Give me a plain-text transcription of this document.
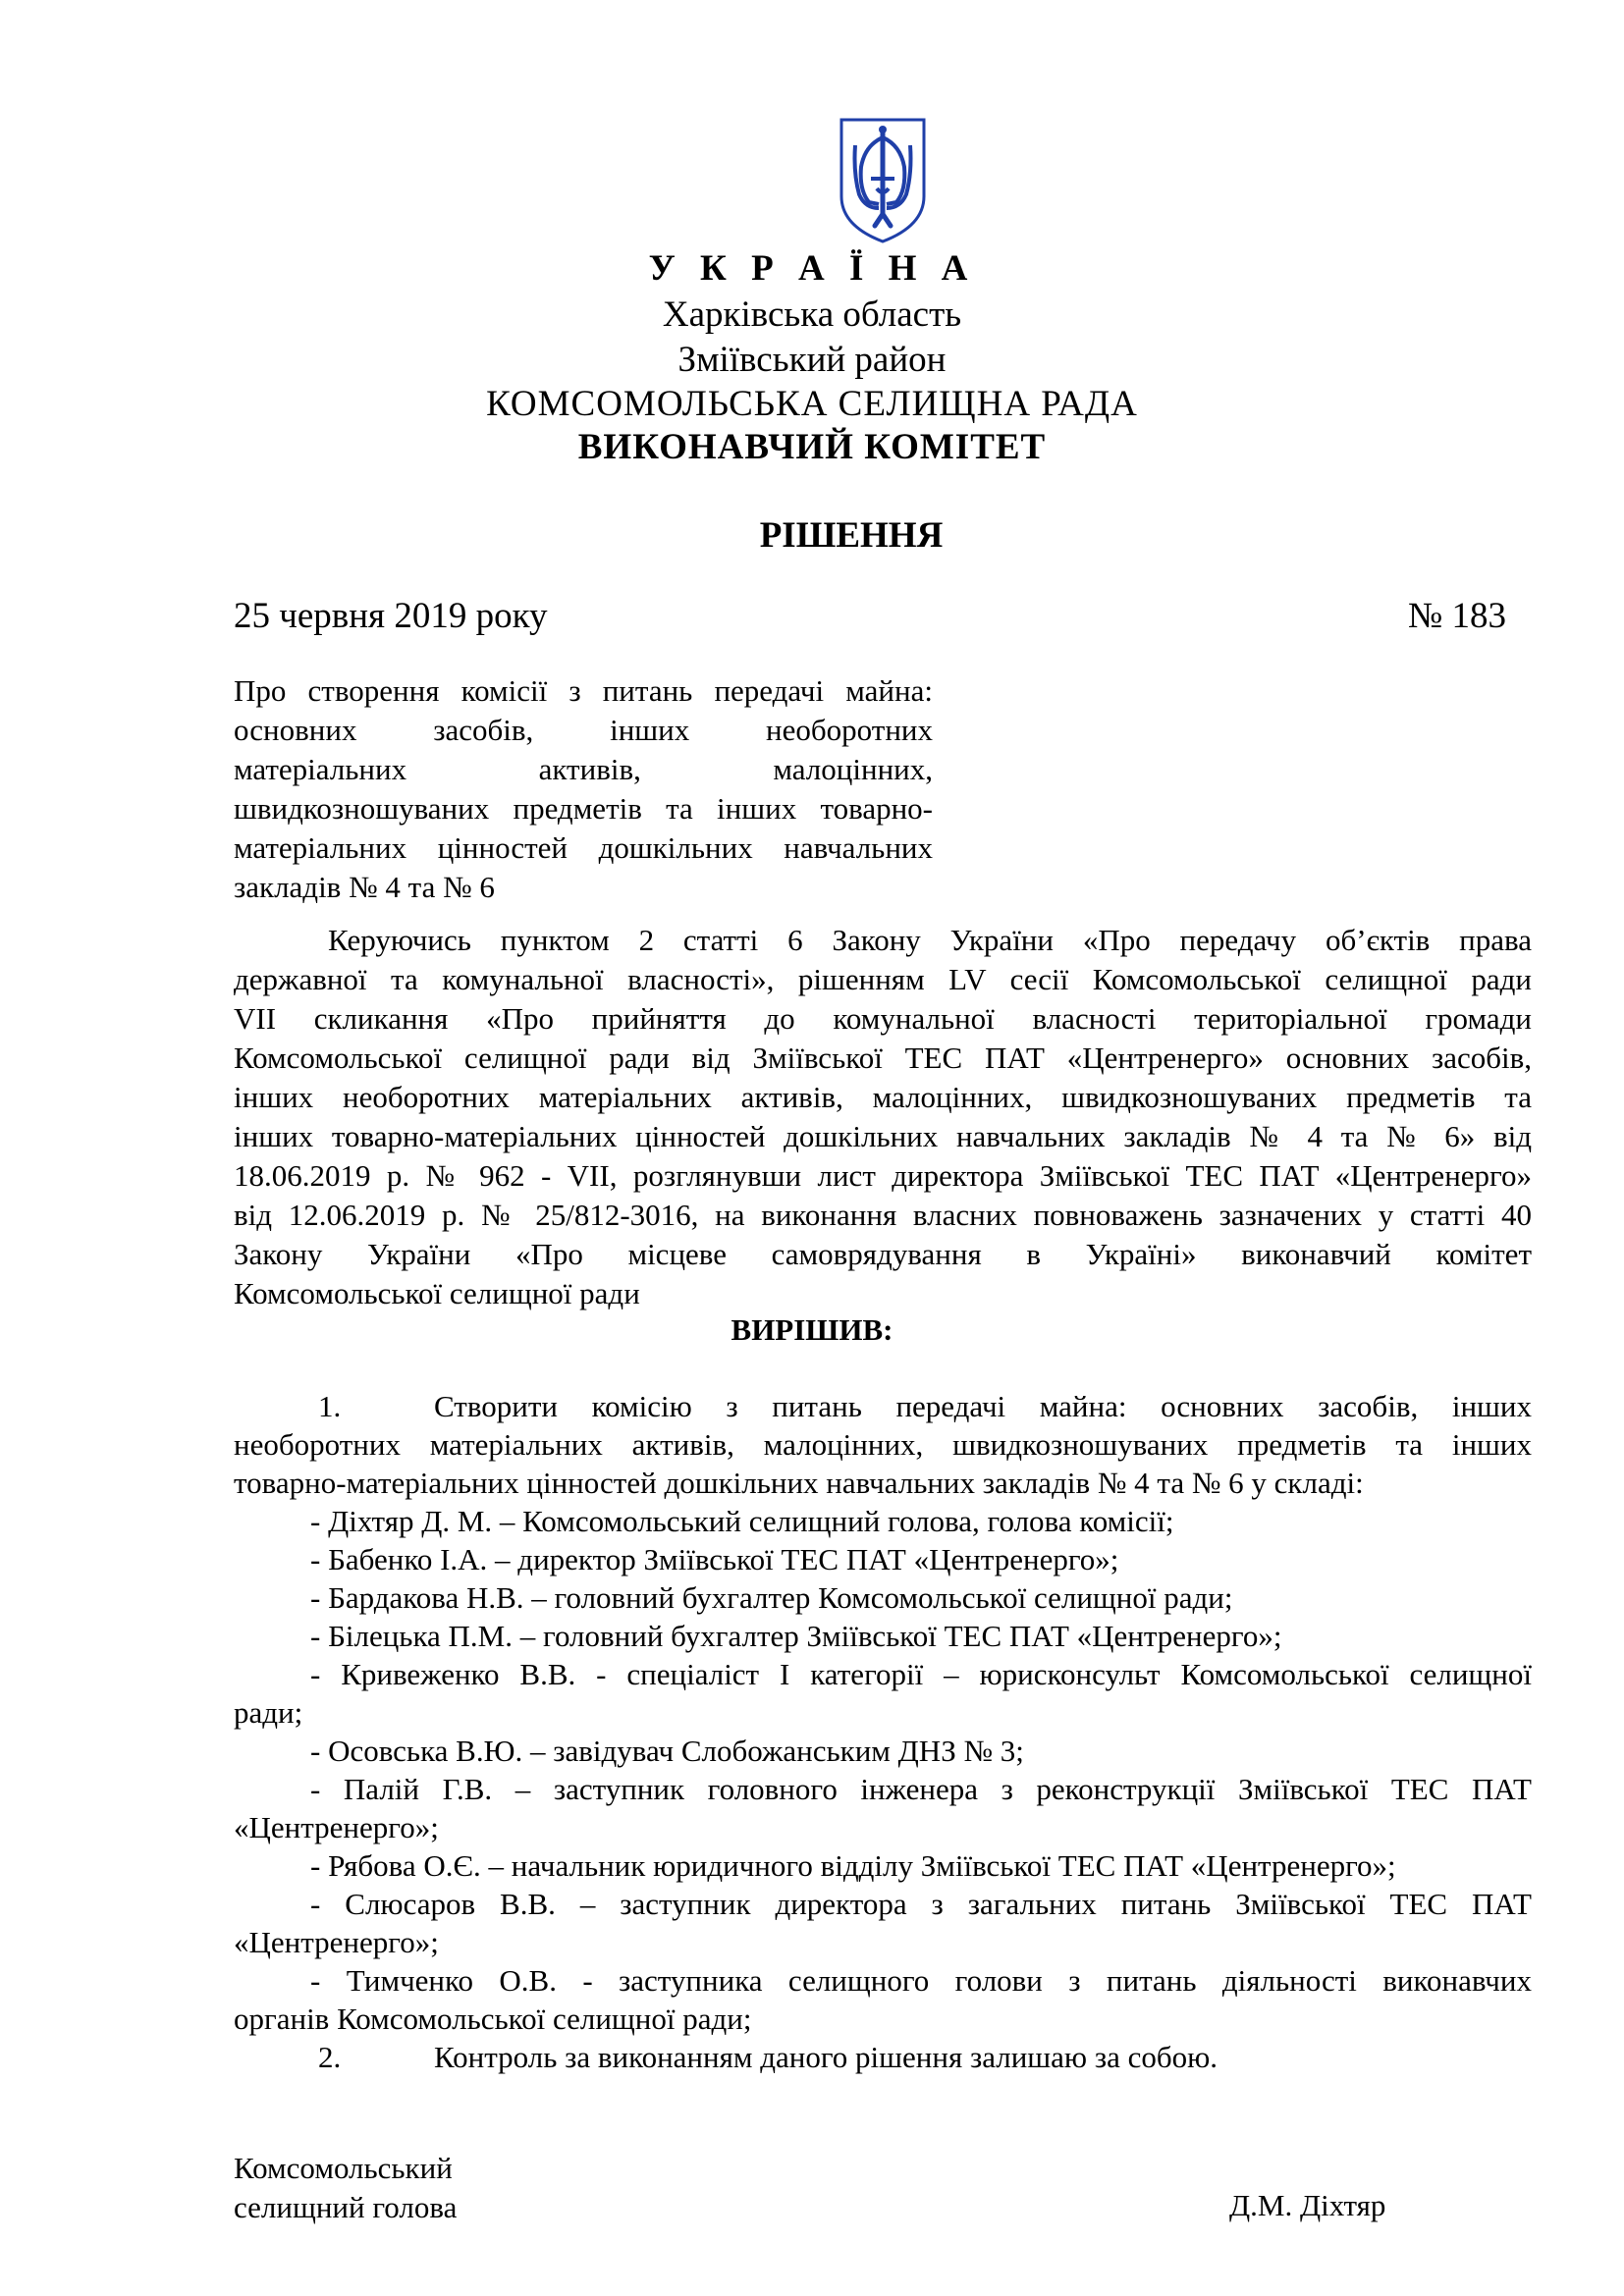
У К Р А Ї Н А
Харківська область
Зміївський район
КОМСОМОЛЬСЬКА СЕЛИЩНА РАДА
ВИКОНАВЧИЙ КОМІТЕТ
РІШЕННЯ
25 червня 2019 року	№ 183
Про створення комісії з питань передачі майна:
основних засобів, інших необоротних
матеріальних активів, малоцінних,
швидкозношуваних предметів та інших товарно-
матеріальних цінностей дошкільних навчальних
закладів № 4 та № 6
Керуючись пунктом 2 статті 6 Закону України «Про передачу об’єктів права
державної та комунальної власності», рішенням LV сесії Комсомольської селищної ради
VII скликання «Про прийняття до комунальної власності територіальної громади
Комсомольської селищної ради від Зміївської ТЕС ПАТ «Центренерго» основних засобів,
інших необоротних матеріальних активів, малоцінних, швидкозношуваних предметів та
інших товарно-матеріальних цінностей дошкільних навчальних закладів № 4 та № 6» від
18.06.2019 р. № 962 - VII, розглянувши лист директора Зміївської ТЕС ПАТ «Центренерго»
від 12.06.2019 р. № 25/812-3016, на виконання власних повноважень зазначених у статті 40
Закону України «Про місцеве самоврядування в Україні» виконавчий комітет
Комсомольської селищної ради
ВИРІШИВ:
1.	Створити комісію з питань передачі майна: основних засобів, інших
необоротних матеріальних активів, малоцінних, швидкозношуваних предметів та інших
товарно-матеріальних цінностей дошкільних навчальних закладів № 4 та № 6 у складі:
- Діхтяр Д. М. – Комсомольський селищний голова, голова комісії;
- Бабенко І.А. – директор Зміївської ТЕС ПАТ «Центренерго»;
- Бардакова Н.В. – головний бухгалтер Комсомольської селищної ради;
- Білецька П.М. – головний бухгалтер Зміївської ТЕС ПАТ «Центренерго»;
- Кривеженко В.В. - спеціаліст І категорії – юрисконсульт Комсомольської селищної
ради;
- Осовська В.Ю. – завідувач Слобожанським ДНЗ № 3;
- Палій Г.В. – заступник головного інженера з реконструкції Зміївської ТЕС ПАТ
«Центренерго»;
- Рябова О.Є. – начальник юридичного відділу Зміївської ТЕС ПАТ «Центренерго»;
- Слюсаров В.В. – заступник директора з загальних питань Зміївської ТЕС ПАТ
«Центренерго»;
- Тимченко О.В. - заступника селищного голови з питань діяльності виконавчих
органів Комсомольської селищної ради;
2.	Контроль за виконанням даного рішення залишаю за собою.
Комсомольський
селищний голова	Д.М. Діхтяр
